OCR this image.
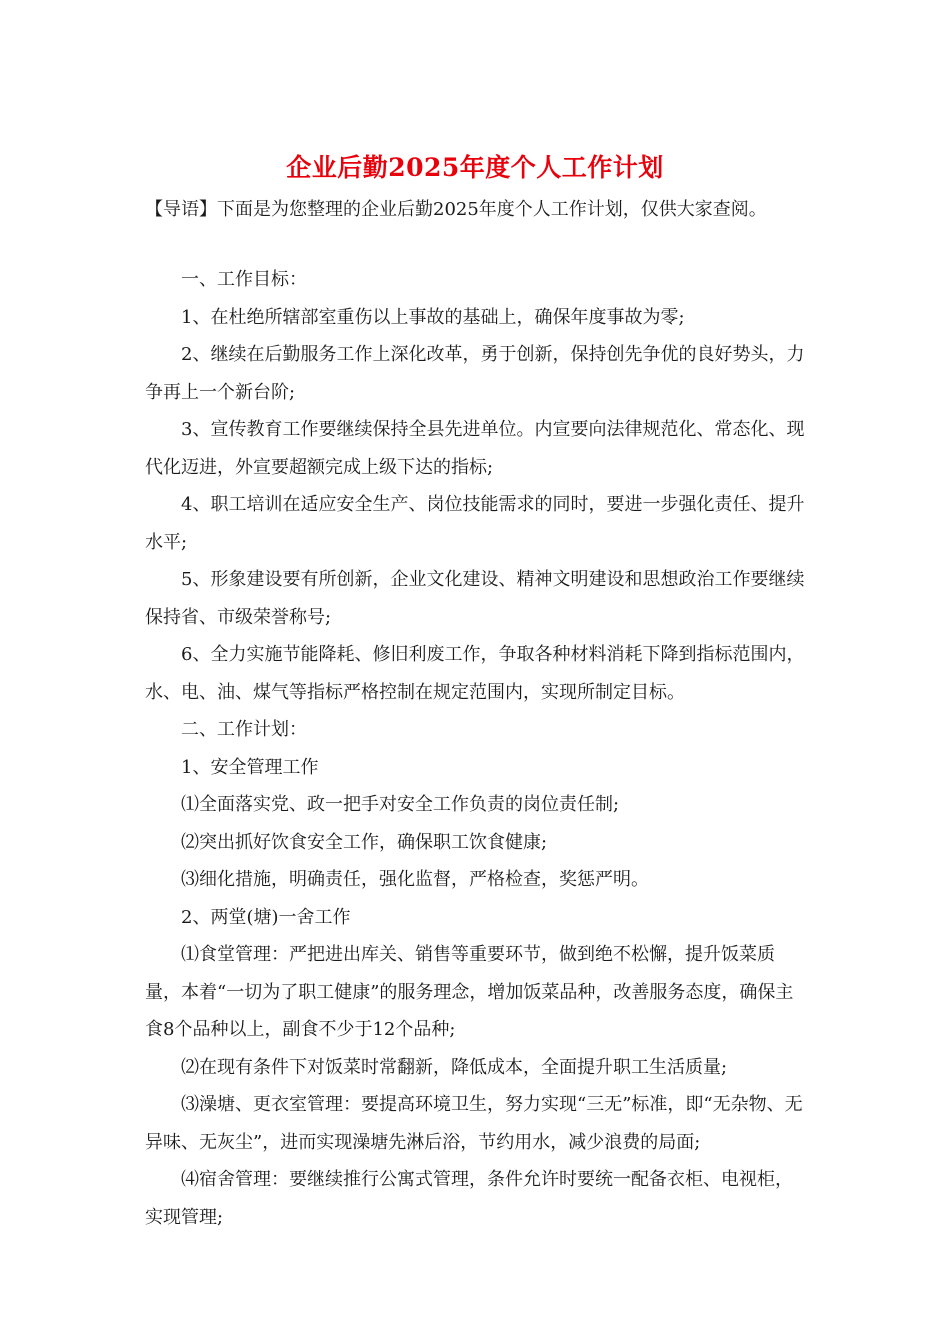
企业后勤2025年度个人工作计划
【导语】下面是为您整理的企业后勤2025年度个人工作计划，仅供大家查阅。

一、工作目标：

1、在杜绝所辖部室重伤以上事故的基础上，确保年度事故为零;

2、继续在后勤服务工作上深化改革，勇于创新，保持创先争优的良好势头，力争再上一个新台阶;

3、宣传教育工作要继续保持全县先进单位。内宣要向法律规范化、常态化、现代化迈进，外宣要超额完成上级下达的指标;

4、职工培训在适应安全生产、岗位技能需求的同时，要进一步强化责任、提升水平;

5、形象建设要有所创新，企业文化建设、精神文明建设和思想政治工作要继续保持省、市级荣誉称号;

6、全力实施节能降耗、修旧利废工作，争取各种材料消耗下降到指标范围内，水、电、油、煤气等指标严格控制在规定范围内，实现所制定目标。

二、工作计划：

1、安全管理工作

⑴全面落实党、政一把手对安全工作负责的岗位责任制;

⑵突出抓好饮食安全工作，确保职工饮食健康;

⑶细化措施，明确责任，强化监督，严格检查，奖惩严明。

2、两堂(塘)一舍工作

⑴食堂管理：严把进出库关、销售等重要环节，做到绝不松懈，提升饭菜质量，本着“一切为了职工健康”的服务理念，增加饭菜品种，改善服务态度，确保主食8个品种以上，副食不少于12个品种;

⑵在现有条件下对饭菜时常翻新，降低成本，全面提升职工生活质量;

⑶澡塘、更衣室管理：要提高环境卫生，努力实现“三无”标准，即“无杂物、无异味、无灰尘”，进而实现澡塘先淋后浴，节约用水，减少浪费的局面;

⑷宿舍管理：要继续推行公寓式管理，条件允许时要统一配备衣柜、电视柜，实现管理;
